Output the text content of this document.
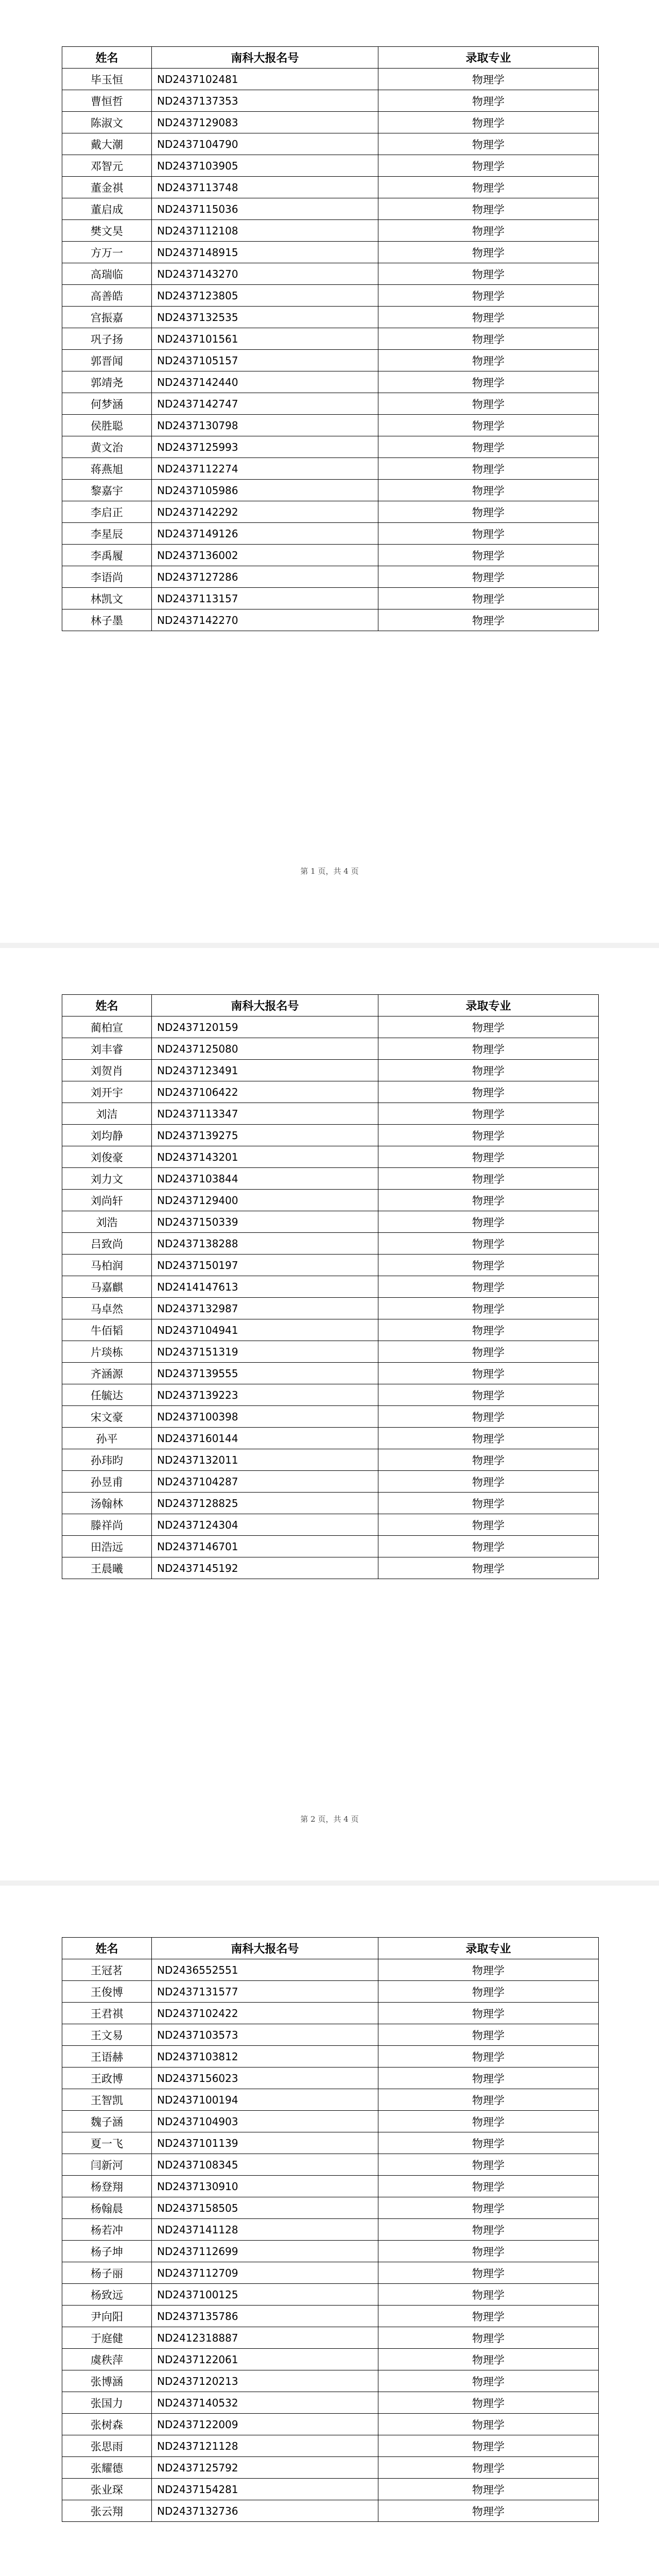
姓名	南科大报名号	录取专业
毕玉恒	ND2437102481	物理学
曹恒哲	ND2437137353	物理学
陈淑文	ND2437129083	物理学
戴大潮	ND2437104790	物理学
邓智元	ND2437103905	物理学
董金祺	ND2437113748	物理学
董启成	ND2437115036	物理学
樊文昊	ND2437112108	物理学
方万一	ND2437148915	物理学
高瑞临	ND2437143270	物理学
高善皓	ND2437123805	物理学
宫振嘉	ND2437132535	物理学
巩子扬	ND2437101561	物理学
郭晋闻	ND2437105157	物理学
郭靖尧	ND2437142440	物理学
何梦涵	ND2437142747	物理学
侯胜聪	ND2437130798	物理学
黄文治	ND2437125993	物理学
蒋燕旭	ND2437112274	物理学
黎嘉宇	ND2437105986	物理学
李启正	ND2437142292	物理学
李星辰	ND2437149126	物理学
李禹履	ND2437136002	物理学
李语尚	ND2437127286	物理学
林凯文	ND2437113157	物理学
林子墨	ND2437142270	物理学
第 1 页，共 4 页
姓名	南科大报名号	录取专业
蔺柏宣	ND2437120159	物理学
刘丰睿	ND2437125080	物理学
刘贺肖	ND2437123491	物理学
刘开宇	ND2437106422	物理学
刘洁	ND2437113347	物理学
刘均静	ND2437139275	物理学
刘俊豪	ND2437143201	物理学
刘力文	ND2437103844	物理学
刘尚轩	ND2437129400	物理学
刘浩	ND2437150339	物理学
吕致尚	ND2437138288	物理学
马柏润	ND2437150197	物理学
马嘉麒	ND2414147613	物理学
马卓然	ND2437132987	物理学
牛佰韬	ND2437104941	物理学
片琰栋	ND2437151319	物理学
齐涵源	ND2437139555	物理学
任毓达	ND2437139223	物理学
宋文豪	ND2437100398	物理学
孙平	ND2437160144	物理学
孙玮昀	ND2437132011	物理学
孙昱甫	ND2437104287	物理学
汤翰林	ND2437128825	物理学
滕祥尚	ND2437124304	物理学
田浩远	ND2437146701	物理学
王晨曦	ND2437145192	物理学
第 2 页，共 4 页
姓名	南科大报名号	录取专业
王冠茗	ND2436552551	物理学
王俊博	ND2437131577	物理学
王君祺	ND2437102422	物理学
王文易	ND2437103573	物理学
王语赫	ND2437103812	物理学
王政博	ND2437156023	物理学
王智凯	ND2437100194	物理学
魏子涵	ND2437104903	物理学
夏一飞	ND2437101139	物理学
闫新河	ND2437108345	物理学
杨登翔	ND2437130910	物理学
杨翰晨	ND2437158505	物理学
杨若冲	ND2437141128	物理学
杨子坤	ND2437112699	物理学
杨子丽	ND2437112709	物理学
杨致远	ND2437100125	物理学
尹向阳	ND2437135786	物理学
于庭健	ND2412318887	物理学
虞秩萍	ND2437122061	物理学
张博涵	ND2437120213	物理学
张国力	ND2437140532	物理学
张树森	ND2437122009	物理学
张思雨	ND2437121128	物理学
张耀德	ND2437125792	物理学
张业琛	ND2437154281	物理学
张云翔	ND2437132736	物理学
